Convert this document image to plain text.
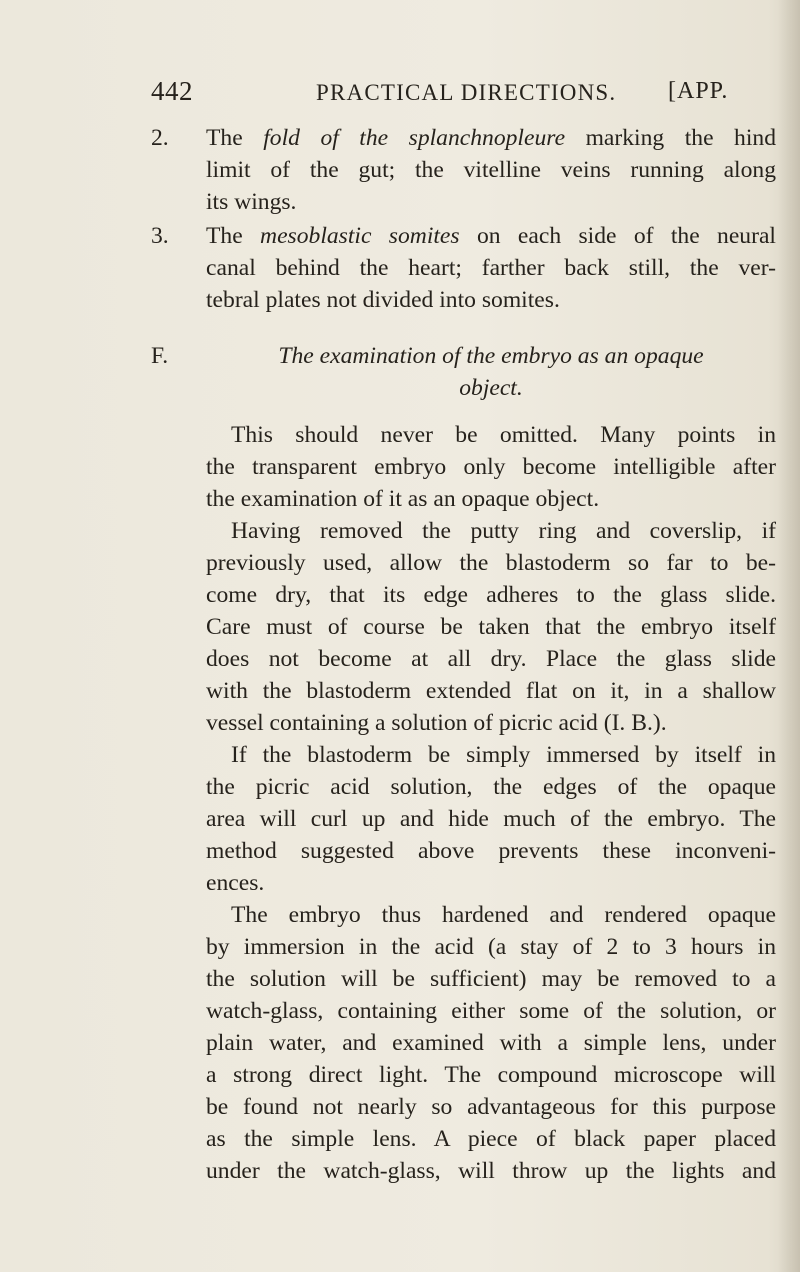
442	PRACTICAL DIRECTIONS. [APP.
2. The fold of the splanchnopleure marking the hind
limit of the gut; the vitelline veins running along
its wings.
3. The mesoblastic somites on each side of the neural
canal behind the heart; farther back still, the ver-
tebral plates not divided into somites.
F.	The examination of the embryo as an opaque
object.
This should never be omitted. Many points in
the transparent embryo only become intelligible after
the examination of it as an opaque object.
Having removed the putty ring and coverslip, if
previously used, allow the blastoderm so far to be-
come dry, that its edge adheres to the glass slide.
Care must of course be taken that the embryo itself
does not become at all dry. Place the glass slide
with the blastoderm extended flat on it, in a shallow
vessel containing a solution of picric acid (I. B.).
If the blastoderm be simply immersed by itself in
the picric acid solution, the edges of the opaque
area will curl up and hide much of the embryo. The
method suggested above prevents these inconveni-
ences.
The embryo thus hardened and rendered opaque
by immersion in the acid (a stay of 2 to 3 hours in
the solution will be sufficient) may be removed to a
watch-glass, containing either some of the solution, or
plain water, and examined with a simple lens, under
a strong direct light. The compound microscope will
be found not nearly so advantageous for this purpose
as the simple lens. A piece of black paper placed
under the watch-glass, will throw up the lights and
